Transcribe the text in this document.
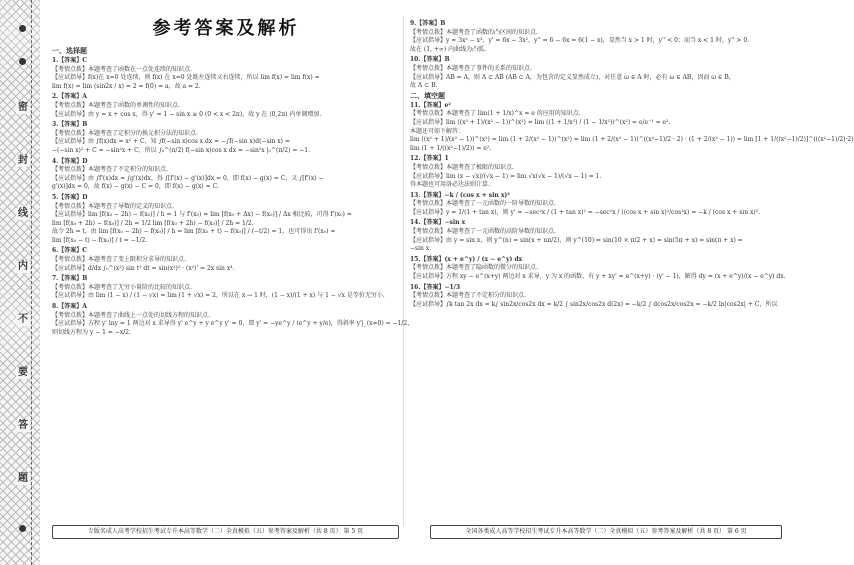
密
封
线
内
不
要
答
题
参考答案及解析
一、选择题
1.【答案】C
【考情点拨】本题考查了函数在一点处连续的知识点.
【应试指导】f(x)在 x=0 处连续，则 f(x) 在 x=0 处既左连续又右连续，所以 lim f(x) = lim f(x) =
lim f(x) = lim (sin2x / x) = 2 = f(0) = a，故 a = 2.
2.【答案】A
【考情点拨】本题考查了函数的单调性的知识点.
【应试指导】由 y = x + cos x，得 y' = 1 − sin x ≥ 0 (0 < x < 2π)，故 y 在 (0,2π) 内单调增加.
3.【答案】B
【考情点拨】本题考查了定积分的换元积分法的知识点.
【应试指导】由 ∫f(x)dx = x² + C，知 ∫f(−sin x)cos x dx = −∫f(−sin x)d(−sin x) =
−(−sin x)² + C = −sin²x + C，所以 ∫₀^(π/2) f(−sin x)cos x dx = −sin²x |₀^(π/2) = −1.
4.【答案】D
【考情点拨】本题考查了不定积分的知识点.
【应试指导】由 ∫f'(x)dx = ∫g'(x)dx，得 ∫[f'(x) − g'(x)]dx = 0，即 f(x) − g(x) = C，又 ∫[f'(x) −
g'(x)]dx = 0，故 f(x) − g(x) − C = 0，即 f(x) − g(x) = C.
5.【答案】D
【考情点拨】本题考查了导数的定义的知识点.
【应试指导】lim [f(x₀ − 2h) − f(x₀)] / h = 1 与 f'(x₀) = lim [f(x₀ + Δx) − f(x₀)] / Δx 相比较，可得 f'(x₀) =
lim [f(x₀ + 2h) − f(x₀)] / 2h = 1/2 lim [f(x₀ + 2h) − f(x₀)] / 2h = 1/2.
故令 2h = t，由 lim [f(x₀ − 2h) − f(x₀)] / h = lim [f(x₀ + t) − f(x₀)] / (−t/2) = 1，也可得出 f'(x₀) =
lim [f(x₀ − t) − f(x₀)] / t = −1/2.
6.【答案】C
【考情点拨】本题考查了变上限积分求导的知识点.
【应试指导】d/dx ∫₀^(x²) sin t² dt = sin(x²)² · (x²)' = 2x sin x⁴.
7.【答案】B
【考情点拨】本题考查了无穷小量阶的比较的知识点.
【应试指导】由 lim (1 − x) / (1 − √x) = lim (1 + √x) = 2，所以在 x → 1 时，(1 − x)/(1 + x) 与 1 − √x 是等价无穷小.
8.【答案】A
【考情点拨】本题考查了曲线上一点处的切线方程的知识点.
【应试指导】方程 y' lny = 1 两边对 x 求导得 y' e^y + y e^y y' = 0，即 y' = −ye^y / (e^y + y/e)，得斜率 y'|_(x=0) = −1/2，
则切线方程为 y − 1 = −x/2.
9.【答案】B
【考情点拨】本题考查了函数的凸区间的知识点.
【应试指导】y = 3x² − x³，y' = 6x − 3x²，y'' = 6 − 6x = 6(1 − x)，显然当 x > 1 时，y'' < 0；而当 x < 1 时，y'' > 0.
故在 (1, +∞) 内曲线为凸弧.
10.【答案】B
【考情点拨】本题考查了事件的关系的知识点.
【应试指导】AB = A，则 A ⊂ AB (AB ⊂ A，为包含的定义显然成立)，对任意 ω ∈ A 时，必有 ω ∈ AB，因而 ω ∈ B，
故 A ⊂ B.
二、填空题
11.【答案】e²
【考情点拨】本题考查了 lim(1 + 1/x)^x = e 的应用的知识点.
【应试指导】lim ((x² + 1)/(x² − 1))^(x²) = lim ((1 + 1/x²) / (1 − 1/x²))^(x²) = e/e⁻¹ = e².
本题还可如下解答：
lim ((x² + 1)/(x² − 1))^(x²) = lim (1 + 2/(x² − 1))^(x²) = lim (1 + 2/(x² − 1))^((x²−1)/2 · 2) · (1 + 2/(x² − 1)) = lim [1 + 1/((x²−1)/2)]^(((x²−1)/2)·2)
lim (1 + 1/((x²−1)/2)) = e².
12.【答案】1
【考情点拨】本题考查了极限的知识点.
【应试指导】lim (x − √x)/(√x − 1) = lim √x(√x − 1)/(√x − 1) = 1.
得本题也可用洛必达法则计算.
13.【答案】−k / (cos x + sin x)²
【考情点拨】本题考查了一元函数的一阶导数的知识点.
【应试指导】y = 1/(1 + tan x)，则 y' = −sec²x / (1 + tan x)² = −sec²x / ((cos x + sin x)²/cos²x) = −k / (cos x + sin x)².
14.【答案】−sin x
【考情点拨】本题考查了一元函数的高阶导数的知识点.
【应试指导】由 y = sin x，则 y^(n) = sin(x + nπ/2)，则 y^(10) = sin(10 × π/2 + x) = sin(5π + x) = sin(π + x) =
−sin x.
15.【答案】(x + e^y) / (x − e^y) dx
【考情点拨】本题考查了隐函数的微分的知识点.
【应试指导】方程 xy − e^(x+y) 两边对 x 求导，y 为 x 的函数，有 y + xy' = e^(x+y) · (y' − 1)，解得 dy = (x + e^y)/(x − e^y) dx.
16.【答案】−1/3
【考情点拨】本题考查了不定积分的知识点.
【应试指导】∫k tan 2x dx = k∫ sin2x/cos2x dx = k/2 ∫ sin2x/cos2x d(2x) = −k/2 ∫ dcos2x/cos2x = −k/2 ln|cos2x| + C，所以
专版名成人高考学校招生考试专升本高等数学（二）全真模拟（五）参考答案及解析（共 8 页） 第 5 页	全国各类成人高等学校招生考试专升本高等数学（二）全真模拟（五）参考答案及解析（共 8 页） 第 6 页
